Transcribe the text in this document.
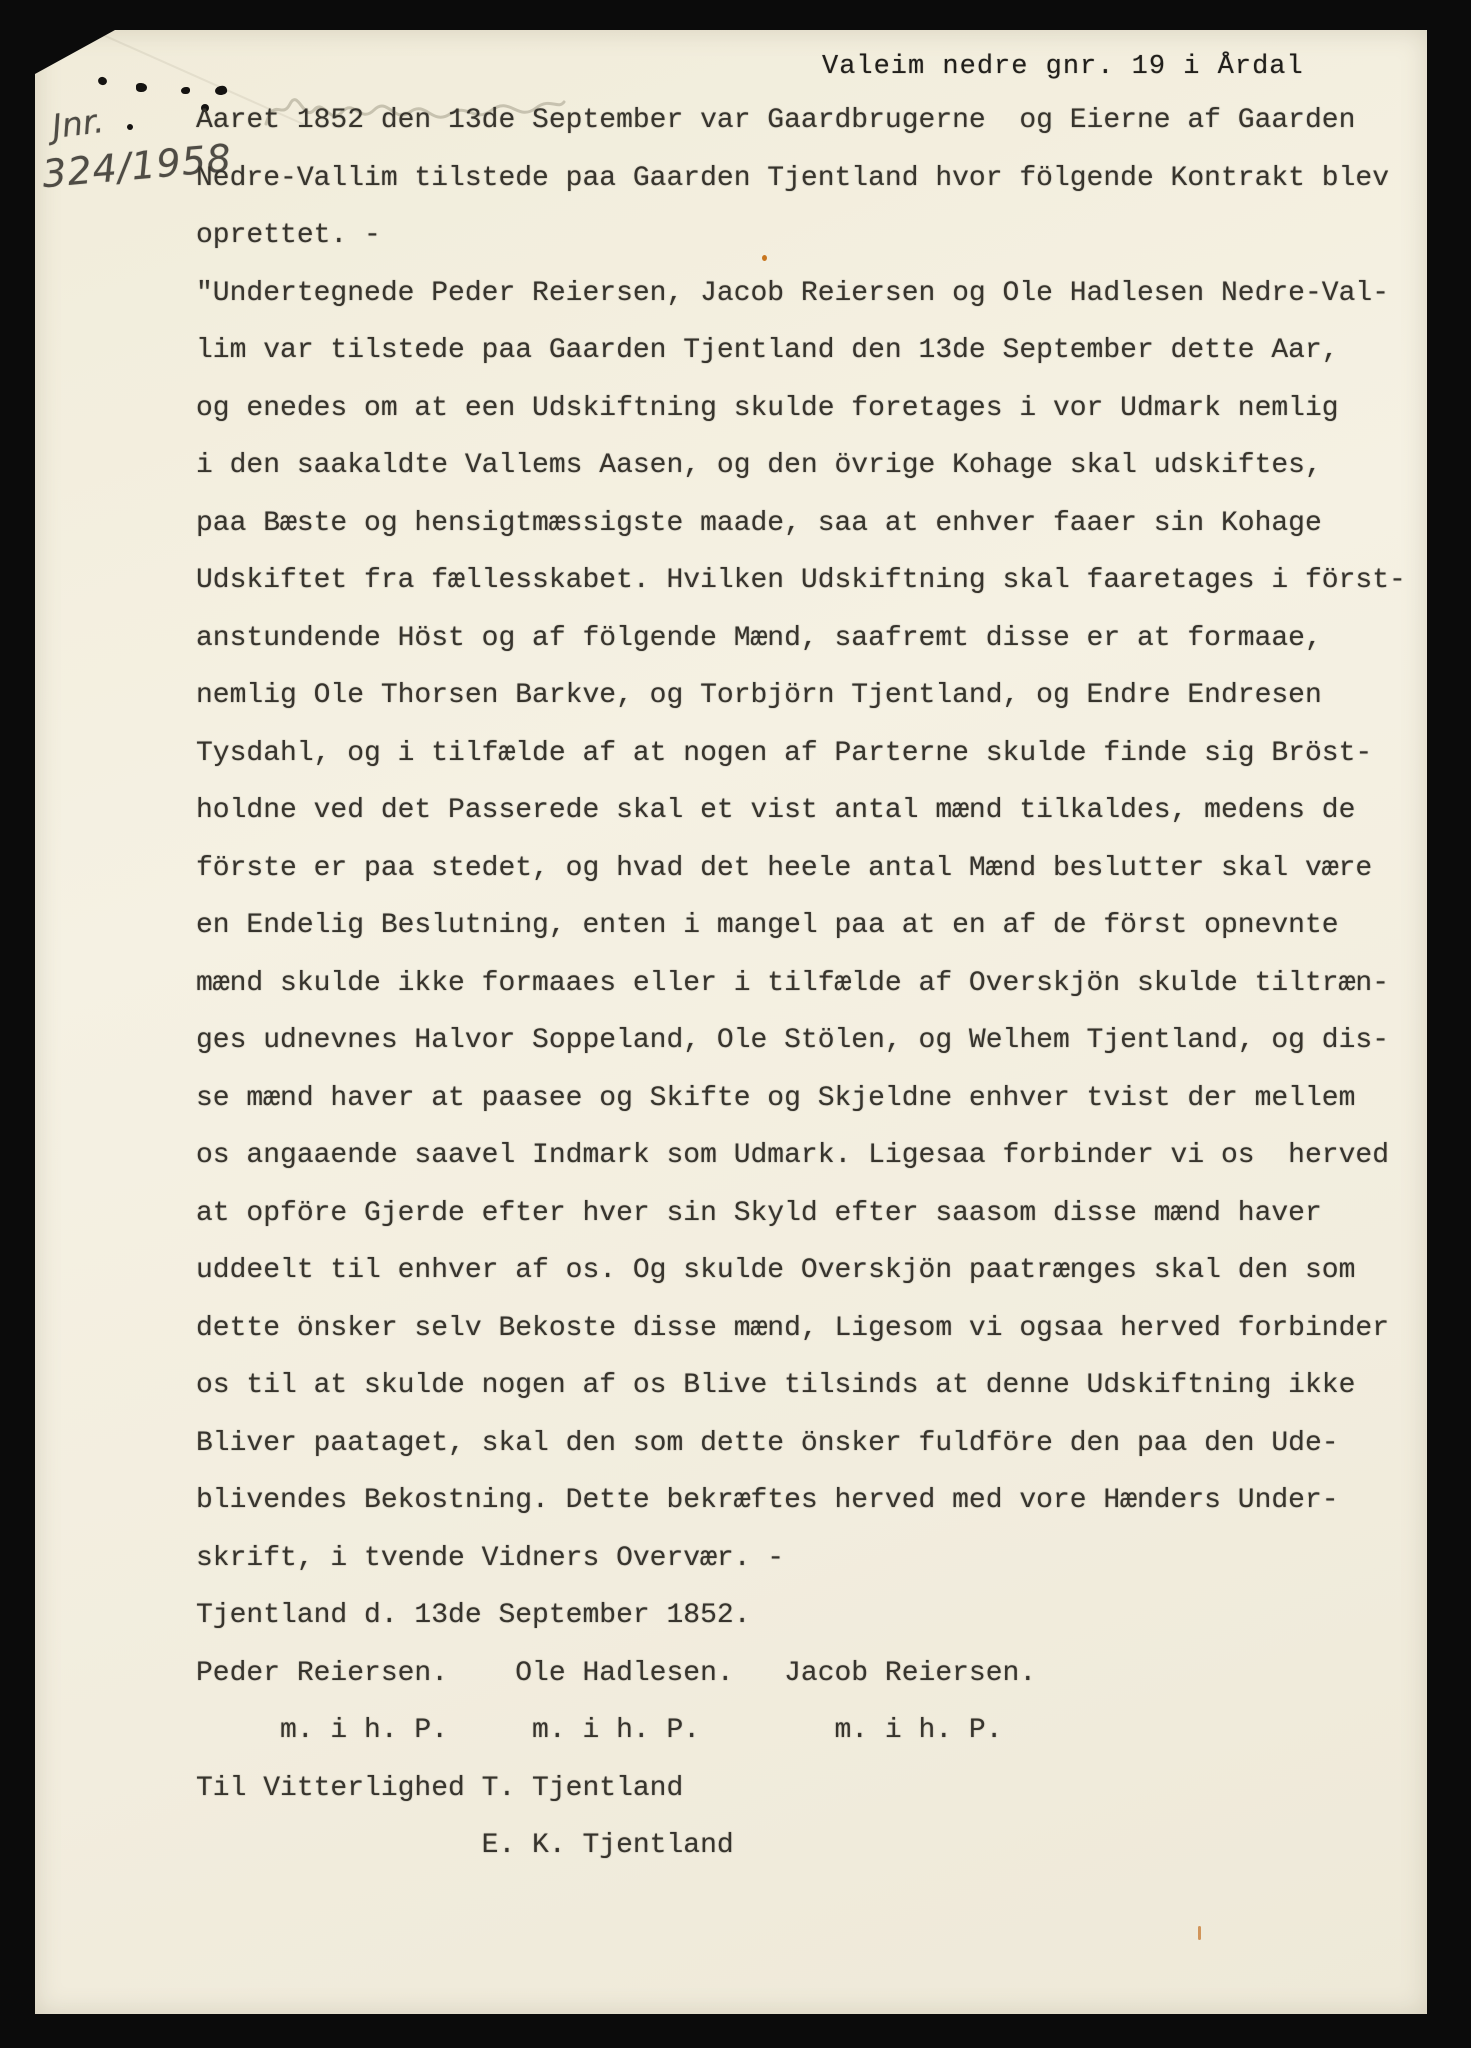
Valeim nedre gnr. 19 i Årdal
Jnr.
324/1958
Aaret 1852 den 13de September var Gaardbrugerne  og Eierne af Gaarden
Nedre-Vallim tilstede paa Gaarden Tjentland hvor fölgende Kontrakt blev
oprettet. -
"Undertegnede Peder Reiersen, Jacob Reiersen og Ole Hadlesen Nedre-Val-
lim var tilstede paa Gaarden Tjentland den 13de September dette Aar,
og enedes om at een Udskiftning skulde foretages i vor Udmark nemlig
i den saakaldte Vallems Aasen, og den övrige Kohage skal udskiftes,
paa Bæste og hensigtmæssigste maade, saa at enhver faaer sin Kohage
Udskiftet fra fællesskabet. Hvilken Udskiftning skal faaretages i först-
anstundende Höst og af fölgende Mænd, saafremt disse er at formaae,
nemlig Ole Thorsen Barkve, og Torbjörn Tjentland, og Endre Endresen
Tysdahl, og i tilfælde af at nogen af Parterne skulde finde sig Bröst-
holdne ved det Passerede skal et vist antal mænd tilkaldes, medens de
förste er paa stedet, og hvad det heele antal Mænd beslutter skal være
en Endelig Beslutning, enten i mangel paa at en af de först opnevnte
mænd skulde ikke formaaes eller i tilfælde af Overskjön skulde tiltræn-
ges udnevnes Halvor Soppeland, Ole Stölen, og Welhem Tjentland, og dis-
se mænd haver at paasee og Skifte og Skjeldne enhver tvist der mellem
os angaaende saavel Indmark som Udmark. Ligesaa forbinder vi os  herved
at opföre Gjerde efter hver sin Skyld efter saasom disse mænd haver
uddeelt til enhver af os. Og skulde Overskjön paatrænges skal den som
dette önsker selv Bekoste disse mænd, Ligesom vi ogsaa herved forbinder
os til at skulde nogen af os Blive tilsinds at denne Udskiftning ikke
Bliver paataget, skal den som dette önsker fuldföre den paa den Ude-
blivendes Bekostning. Dette bekræftes herved med vore Hænders Under-
skrift, i tvende Vidners Overvær. -
Tjentland d. 13de September 1852.
Peder Reiersen.    Ole Hadlesen.   Jacob Reiersen.
m. i h. P.     m. i h. P.        m. i h. P.
Til Vitterlighed T. Tjentland
E. K. Tjentland
